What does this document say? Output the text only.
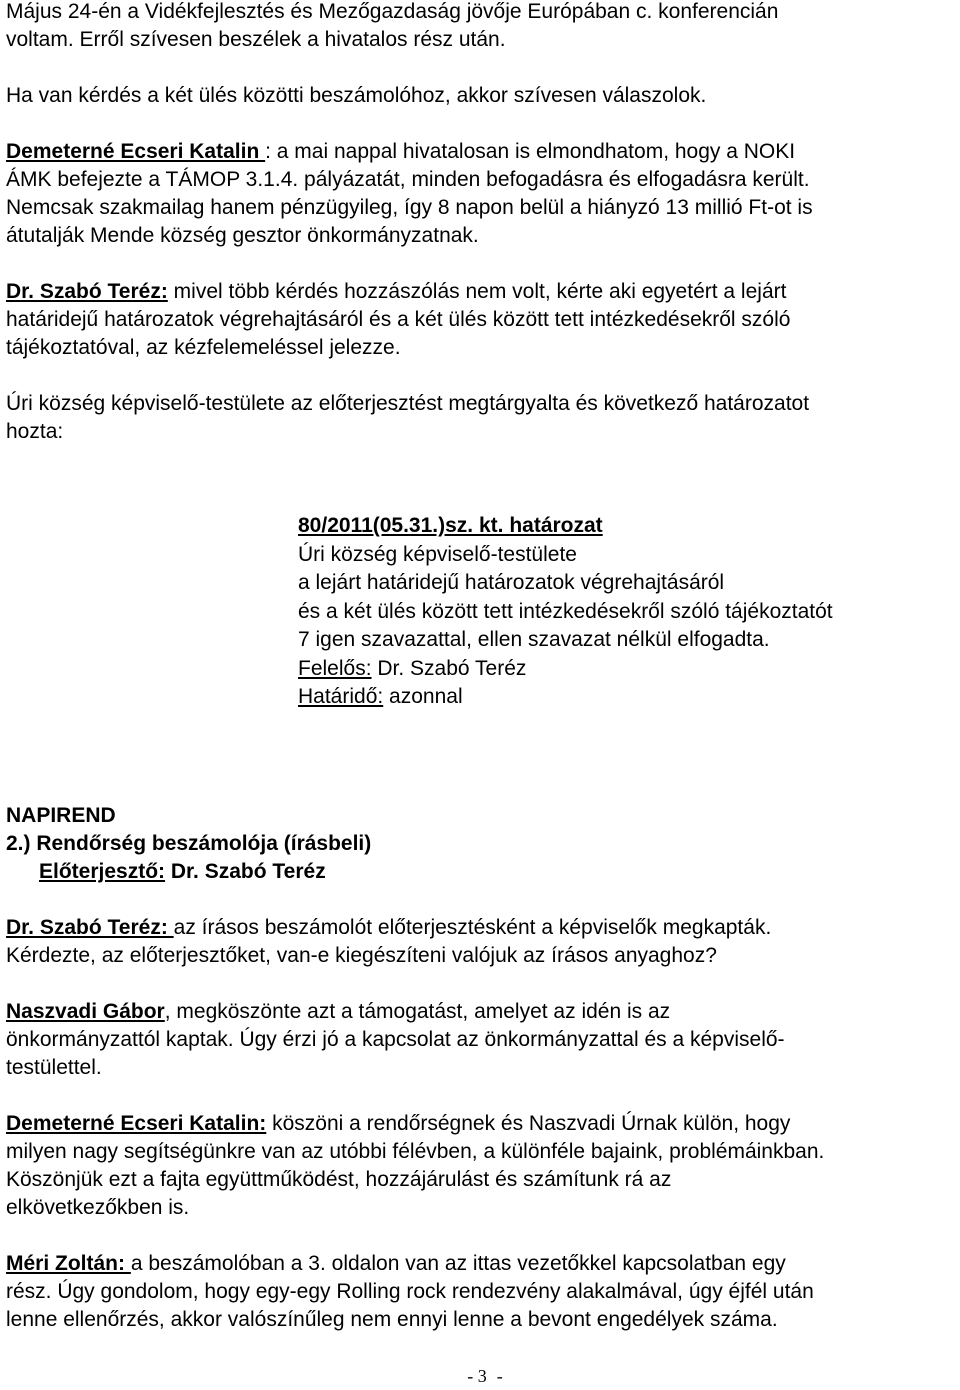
Május 24-én a Vidékfejlesztés és Mezőgazdaság jövője Európában c. konferencián

voltam. Erről szívesen beszélek a hivatalos rész után.

Ha van kérdés a két ülés közötti beszámolóhoz, akkor szívesen válaszolok.

Demeterné Ecseri Katalin : a mai nappal hivatalosan is elmondhatom, hogy a NOKI

ÁMK befejezte a TÁMOP 3.1.4. pályázatát, minden befogadásra és elfogadásra került.

Nemcsak szakmailag hanem pénzügyileg, így 8 napon belül a hiányzó 13 millió Ft-ot is

átutalják Mende község gesztor önkormányzatnak.

Dr. Szabó Teréz: mivel több kérdés hozzászólás nem volt, kérte aki egyetért a lejárt

határidejű határozatok végrehajtásáról és a két ülés között tett intézkedésekről szóló

tájékoztatóval, az kézfelemeléssel jelezze.

Úri község képviselő-testülete az előterjesztést megtárgyalta és következő határozatot

hozta:

80/2011(05.31.)sz. kt. határozat

Úri község képviselő-testülete

a lejárt határidejű határozatok végrehajtásáról

és a két ülés között tett intézkedésekről szóló tájékoztatót

7 igen szavazattal, ellen szavazat nélkül elfogadta.

Felelős: Dr. Szabó Teréz

Határidő: azonnal

NAPIREND

2.) Rendőrség beszámolója (írásbeli)

Előterjesztő: Dr. Szabó Teréz

Dr. Szabó Teréz: az írásos beszámolót előterjesztésként a képviselők megkapták.

Kérdezte, az előterjesztőket, van-e kiegészíteni valójuk az írásos anyaghoz?

Naszvadi Gábor, megköszönte azt a támogatást, amelyet az idén is az

önkormányzattól kaptak. Úgy érzi jó a kapcsolat az önkormányzattal és a képviselő-

testülettel.

Demeterné Ecseri Katalin: köszöni a rendőrségnek és Naszvadi Úrnak külön, hogy

milyen nagy segítségünkre van az utóbbi félévben, a különféle bajaink, problémáinkban.

Köszönjük ezt a fajta együttműködést, hozzájárulást és számítunk rá az

elkövetkezőkben is.

Méri Zoltán: a beszámolóban a 3. oldalon van az ittas vezetőkkel kapcsolatban egy

rész. Úgy gondolom, hogy egy-egy Rolling rock rendezvény alakalmával, úgy éjfél után

lenne ellenőrzés, akkor valószínűleg nem ennyi lenne a bevont engedélyek száma.

- 3 -
